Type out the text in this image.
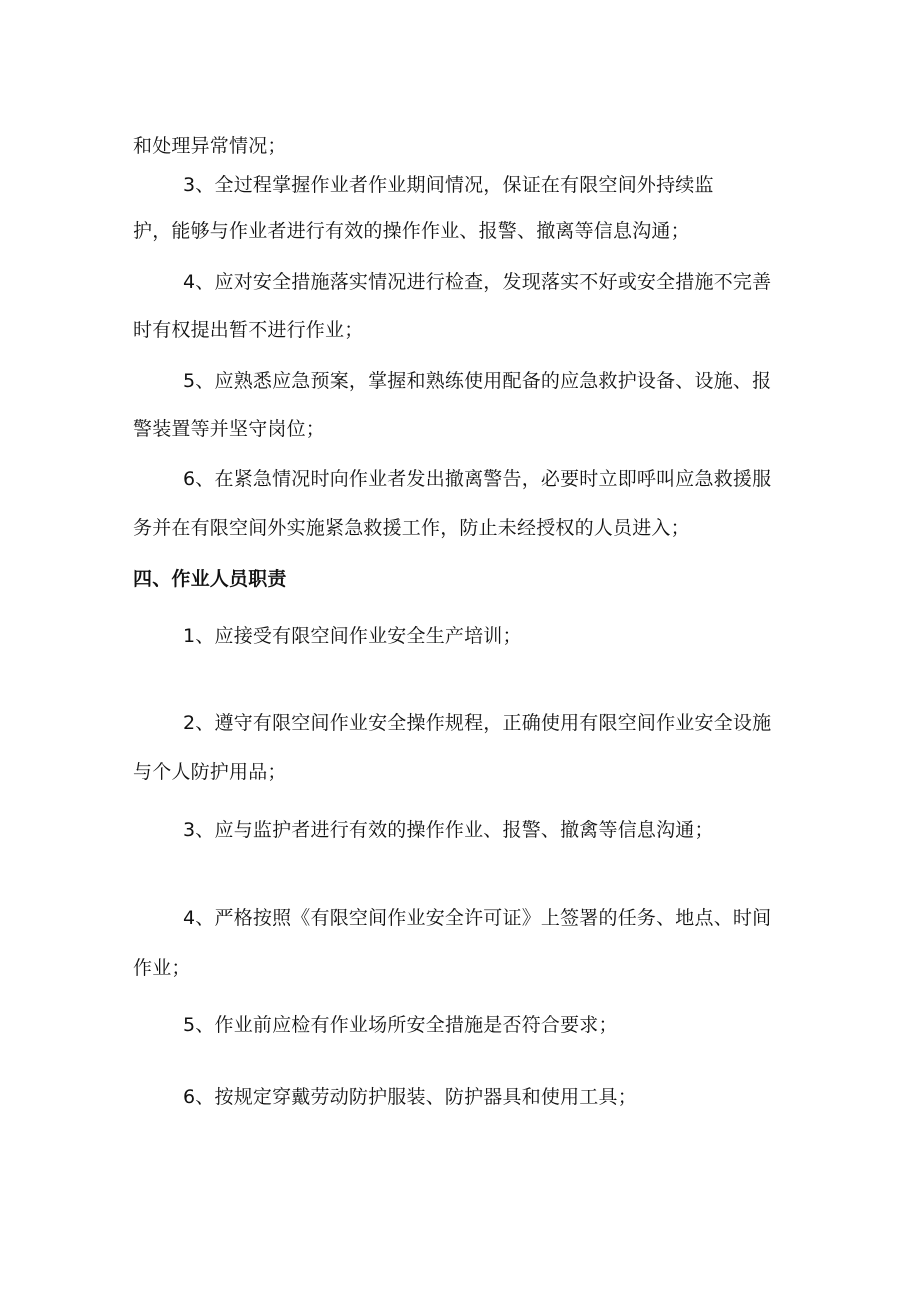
和处理异常情况；
3、全过程掌握作业者作业期间情况，保证在有限空间外持续监
护，能够与作业者进行有效的操作作业、报警、撤离等信息沟通；
4、应对安全措施落实情况进行检查，发现落实不好或安全措施不完善
时有权提出暂不进行作业；
5、应熟悉应急预案，掌握和熟练使用配备的应急救护设备、设施、报
警装置等并坚守岗位；
6、在紧急情况时向作业者发出撤离警告，必要时立即呼叫应急救援服
务并在有限空间外实施紧急救援工作，防止未经授权的人员进入；
四、作业人员职责
1、应接受有限空间作业安全生产培训；
2、遵守有限空间作业安全操作规程，正确使用有限空间作业安全设施
与个人防护用品；
3、应与监护者进行有效的操作作业、报警、撤禽等信息沟通；
4、严格按照《有限空间作业安全许可证》上签署的任务、地点、时间
作业；
5、作业前应检有作业场所安全措施是否符合要求；
6、按规定穿戴劳动防护服装、防护器具和使用工具；
